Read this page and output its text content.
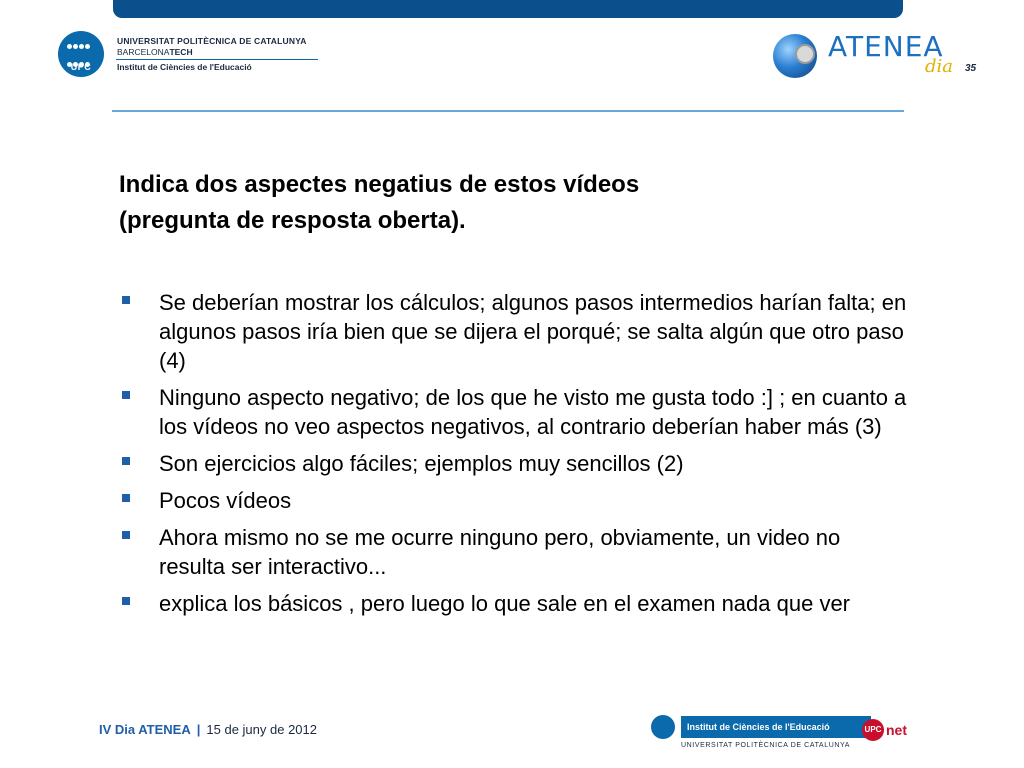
UPC
UNIVERSITAT POLITÈCNICA DE CATALUNYA
BARCELONATECH
Institut de Ciències de l'Educació
ATENEA
dia 35
Indica dos aspectes negatius de estos vídeos
(pregunta de resposta oberta).
Se deberían mostrar los cálculos; algunos pasos intermedios harían falta; en algunos pasos iría bien que se dijera el porqué; se salta algún que otro paso (4)
Ninguno aspecto negativo; de los que he visto me gusta todo :] ; en cuanto a los vídeos no veo aspectos negativos, al contrario deberían haber más (3)
Son ejercicios algo fáciles; ejemplos muy sencillos (2)
Pocos vídeos
Ahora mismo no se me ocurre ninguno pero, obviamente, un video no resulta ser interactivo...
explica los básicos , pero luego lo que sale en el examen nada que ver
IV Dia ATENEA | 15 de juny de 2012	Institut de Ciències de l'Educació
UNIVERSITAT POLITÈCNICA DE CATALUNYA
UPC net
